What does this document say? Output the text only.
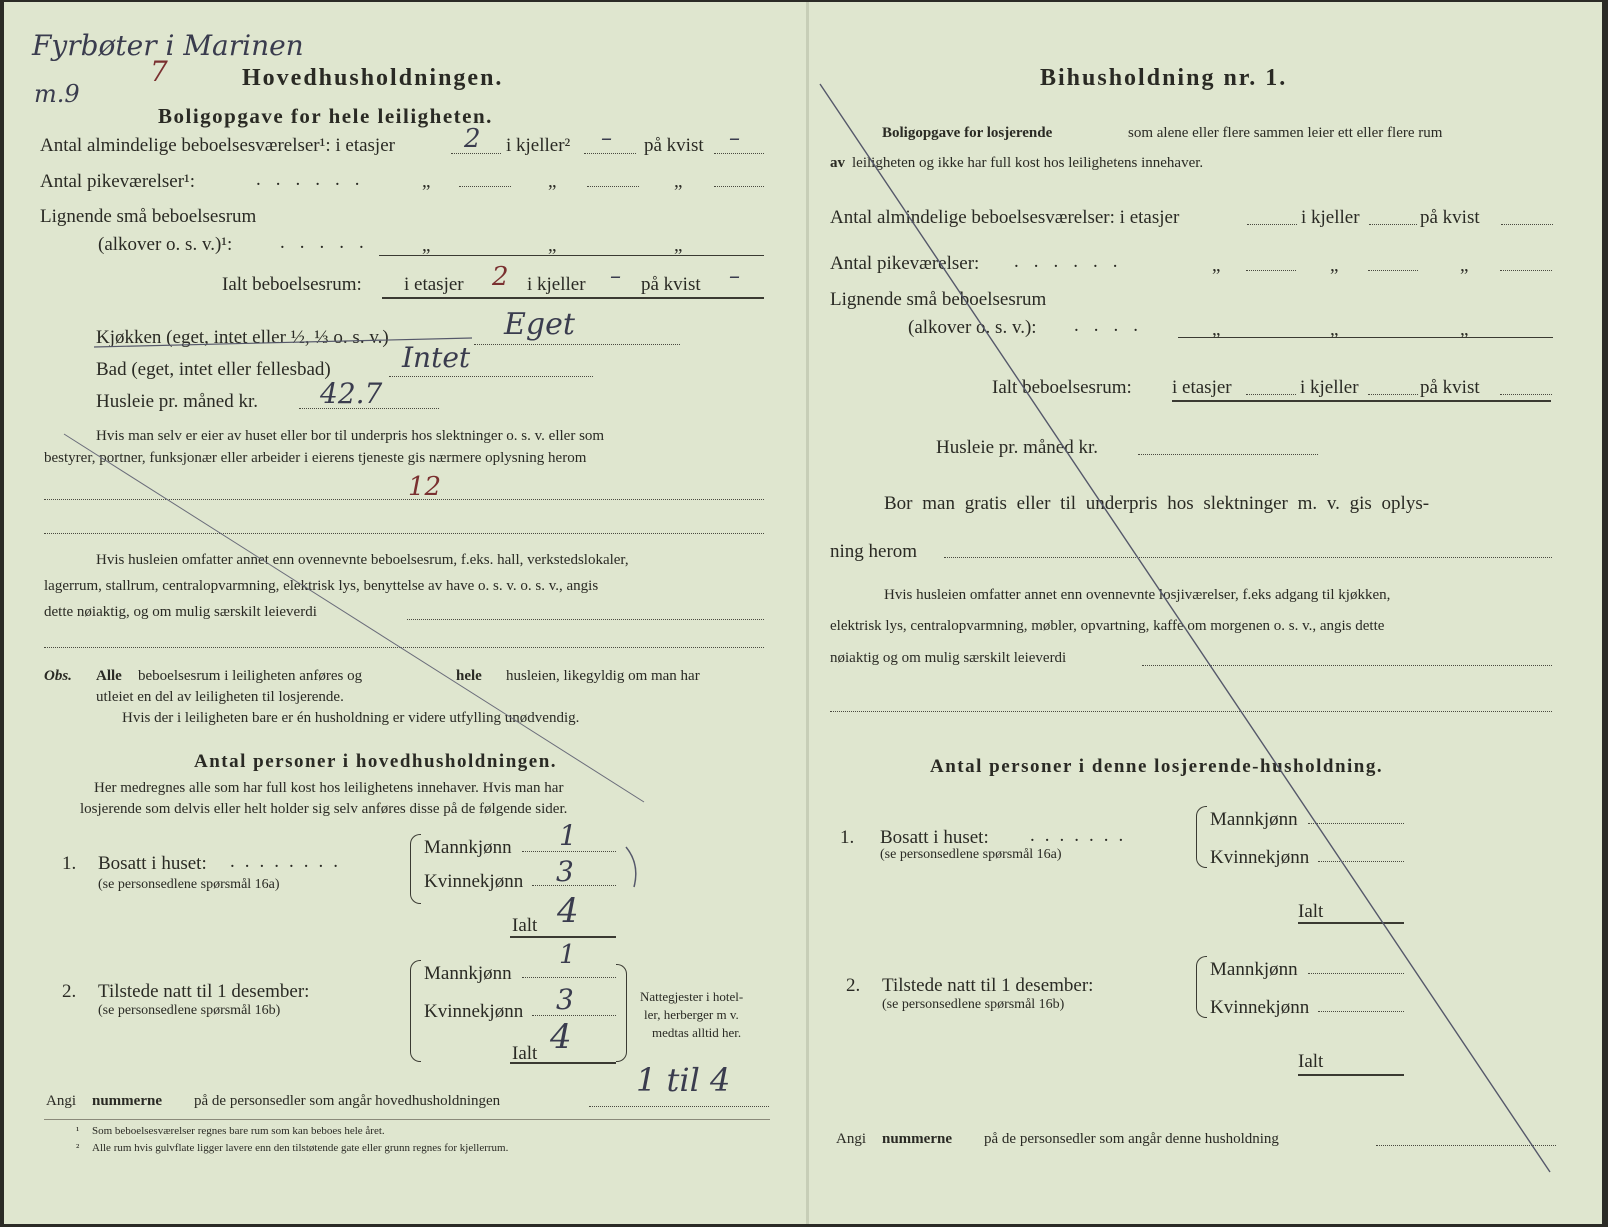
Fyrbøter i Marinen
m.9
7	Hovedhusholdningen.
Boligopgave for hele leiligheten.
Antal almindelige beboelsesværelser¹: i etasjer	2 i kjeller² – på kvist –
Antal pikeværelser¹:	......	„	„	„
Lignende små beboelsesrum
(alkover o. s. v.)¹:	..... „	„	„
Ialt beboelsesrum: i etasjer 2 i kjeller – på kvist –
Kjøkken (eget, intet eller ½, ⅓ o. s. v.)	Eget
Bad (eget, intet eller fellesbad)	Intet
Husleie pr. måned kr. 42.7
Hvis man selv er eier av huset eller bor til underpris hos slektninger o. s. v. eller som
bestyrer, portner, funksjonær eller arbeider i eierens tjeneste gis nærmere oplysning herom
12
Hvis husleien omfatter annet enn ovennevnte beboelsesrum, f.eks. hall, verkstedslokaler,
lagerrum, stallrum, centralopvarmning, elektrisk lys, benyttelse av have o. s. v. o. s. v., angis
dette nøiaktig, og om mulig særskilt leieverdi
Obs. Alle beboelsesrum i leiligheten anføres og	hele husleien, likegyldig om man har
utleiet en del av leiligheten til losjerende.
Hvis der i leiligheten bare er én husholdning er videre utfylling unødvendig.
Antal personer i hovedhusholdningen.
Her medregnes alle som har full kost hos leilighetens innehaver. Hvis man har
losjerende som delvis eller helt holder sig selv anføres disse på de følgende sider.
1. Bosatt i huset: ........
(se personsedlene spørsmål 16a)
Mannkjønn 1
Kvinnekjønn 3
Ialt 4
2. Tilstede natt til 1 desember:
(se personsedlene spørsmål 16b)
Mannkjønn
1
Kvinnekjønn 3
Ialt 4
Nattegjester i hotel-
ler, herberger m v.
medtas alltid her.
Angi nummerne på de personsedler som angår hovedhusholdningen
1 til 4
¹ Som beboelsesværelser regnes bare rum som kan beboes hele året.
² Alle rum hvis gulvflate ligger lavere enn den tilstøtende gate eller grunn regnes for kjellerrum.
Bihusholdning nr. 1.
Boligopgave for losjerende	som alene eller flere sammen leier ett eller flere rum
av leiligheten og ikke har full kost hos leilighetens innehaver.
Antal almindelige beboelsesværelser: i etasjer	i kjeller	på kvist
Antal pikeværelser: ......	„	„	„
Lignende små beboelsesrum
(alkover o. s. v.): ....	„	„	„
Ialt beboelsesrum: i etasjer	i kjeller	på kvist
Husleie pr. måned kr.
Bor man gratis eller til underpris hos slektninger m. v. gis oplys-
ning herom
Hvis husleien omfatter annet enn ovennevnte losjiværelser, f.eks adgang til kjøkken,
elektrisk lys, centralopvarmning, møbler, opvartning, kaffe om morgenen o. s. v., angis dette
nøiaktig og om mulig særskilt leieverdi
Antal personer i denne losjerende-husholdning.
1. Bosatt i huset: .......
(se personsedlene spørsmål 16a)
Mannkjønn
Kvinnekjønn
Ialt
2. Tilstede natt til 1 desember:
(se personsedlene spørsmål 16b)
Mannkjønn
Kvinnekjønn
Ialt
Angi nummerne på de personsedler som angår denne husholdning
